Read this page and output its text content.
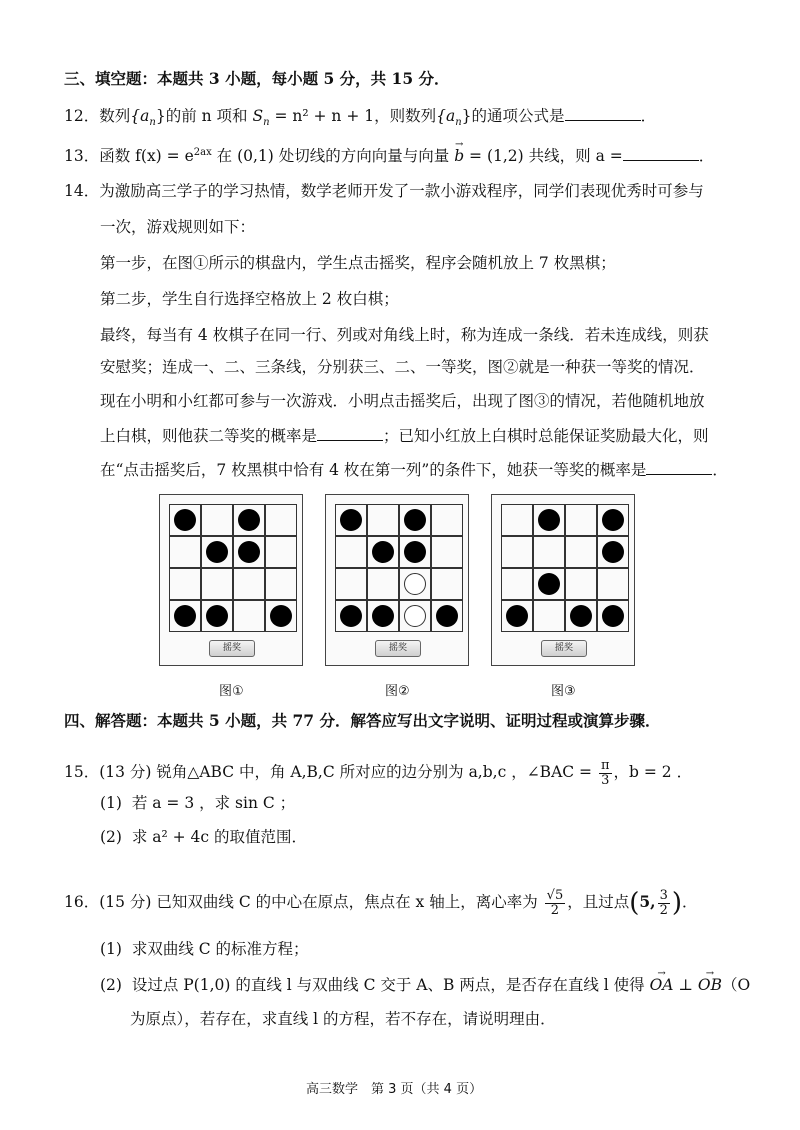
三、填空题：本题共 3 小题，每小题 5 分，共 15 分．
12．数列$\{a_n\}$的前 n 项和 $S_n = n^2 + n + 1$，则数列$\{a_n\}$的通项公式是	．
13．函数 $f(x) = e^{2ax}$ 在 (0,1) 处切线的方向向量与向量 → b = (1,2) 共线，则 a =	．
14．为激励高三学子的学习热情，数学老师开发了一款小游戏程序，同学们表现优秀时可参与
一次，游戏规则如下：
第一步，在图①所示的棋盘内，学生点击摇奖，程序会随机放上 7 枚黑棋；
第二步，学生自行选择空格放上 2 枚白棋；
最终，每当有 4 枚棋子在同一行、列或对角线上时，称为连成一条线．若未连成线，则获
安慰奖；连成一、二、三条线，分别获三、二、一等奖，图②就是一种获一等奖的情况．
现在小明和小红都可参与一次游戏．小明点击摇奖后，出现了图③的情况，若他随机地放
上白棋，则他获二等奖的概率是	；已知小红放上白棋时总能保证奖励最大化，则
在“点击摇奖后，7 枚黑棋中恰有 4 枚在第一列”的条件下，她获一等奖的概率是	．
摇奖	摇奖	摇奖
图①	图②	图③
四、解答题：本题共 5 小题，共 77 分．解答应写出文字说明、证明过程或演算步骤．
15．(13 分) 锐角△ABC 中，角 A,B,C 所对应的边分别为 a,b,c ，∠BAC = $\frac{\pi}{3}$ ，b = 2 ．
(1) 若 a = 3 ，求 sin C ；
(2) 求 a² + 4c 的取值范围．
16．(15 分) 已知双曲线 C 的中心在原点，焦点在 x 轴上，离心率为 $\frac{√5}{2}$ ，且过点(5, $\frac{3}{2}$ )．
(1) 求双曲线 C 的标准方程；
(2) 设过点 P(1,0) 的直线 l 与双曲线 C 交于 A、B 两点，是否存在直线 l 使得 → OA ⊥ → OB（O
为原点），若存在，求直线 l 的方程，若不存在，请说明理由．
高三数学　第 3 页（共 4 页）
